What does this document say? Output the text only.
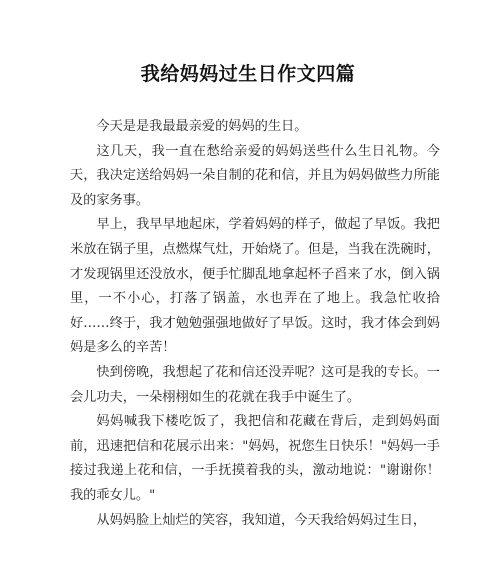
我给妈妈过生日作文四篇

今天是是我最最亲爱的妈妈的生日。

这几天，我一直在愁给亲爱的妈妈送些什么生日礼物。今天，我决定送给妈妈一朵自制的花和信，并且为妈妈做些力所能及的家务事。

早上，我早早地起床，学着妈妈的样子，做起了早饭。我把米放在锅子里，点燃煤气灶，开始烧了。但是，当我在洗碗时，才发现锅里还没放水，便手忙脚乱地拿起杯子舀来了水，倒入锅里，一不小心，打落了锅盖，水也弄在了地上。我急忙收拾好……终于，我才勉勉强强地做好了早饭。这时，我才体会到妈妈是多么的辛苦！

快到傍晚，我想起了花和信还没弄呢？这可是我的专长。一会儿功夫，一朵栩栩如生的花就在我手中诞生了。

妈妈喊我下楼吃饭了，我把信和花藏在背后，走到妈妈面前，迅速把信和花展示出来："妈妈，祝您生日快乐！"妈妈一手接过我递上花和信，一手抚摸着我的头，激动地说："谢谢你！我的乖女儿。"

从妈妈脸上灿烂的笑容，我知道，今天我给妈妈过生日，
